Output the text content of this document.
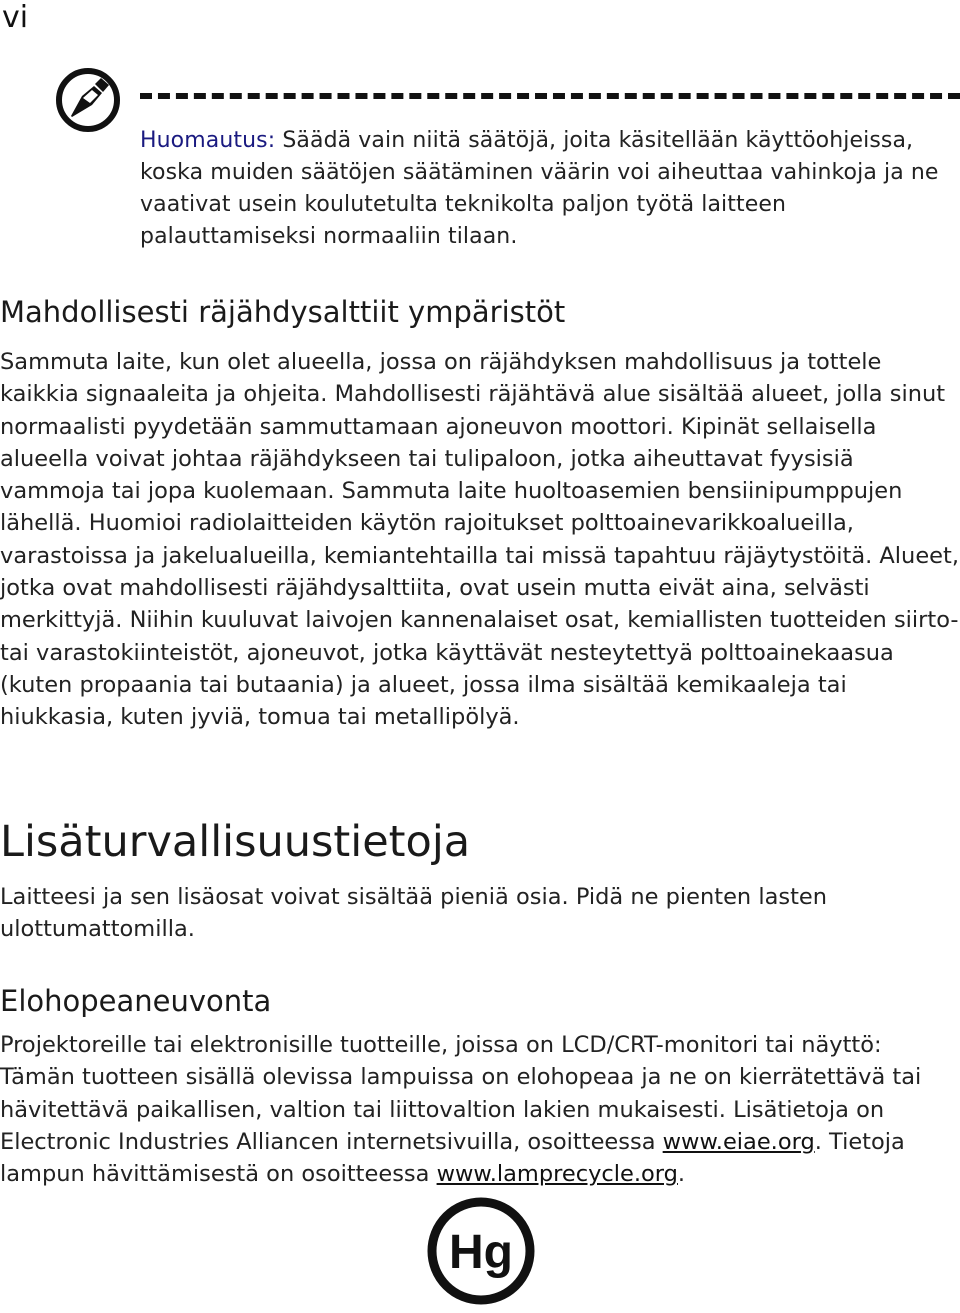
vi
Huomautus: Säädä vain niitä säätöjä, joita käsitellään käyttöohjeissa, koska muiden säätöjen säätäminen väärin voi aiheuttaa vahinkoja ja ne vaativat usein koulutetulta teknikolta paljon työtä laitteen palauttamiseksi normaaliin tilaan.
Mahdollisesti räjähdysalttiit ympäristöt
Sammuta laite, kun olet alueella, jossa on räjähdyksen mahdollisuus ja tottele kaikkia signaaleita ja ohjeita. Mahdollisesti räjähtävä alue sisältää alueet, jolla sinut normaalisti pyydetään sammuttamaan ajoneuvon moottori. Kipinät sellaisella alueella voivat johtaa räjähdykseen tai tulipaloon, jotka aiheuttavat fyysisiä vammoja tai jopa kuolemaan. Sammuta laite huoltoasemien bensiinipumppujen lähellä. Huomioi radiolaitteiden käytön rajoitukset polttoainevarikkoalueilla, varastoissa ja jakelualueilla, kemiantehtailla tai missä tapahtuu räjäytystöitä. Alueet, jotka ovat mahdollisesti räjähdysalttiita, ovat usein mutta eivät aina, selvästi merkittyjä. Niihin kuuluvat laivojen kannenalaiset osat, kemiallisten tuotteiden siirto- tai varastokiinteistöt, ajoneuvot, jotka käyttävät nesteytettyä polttoainekaasua (kuten propaania tai butaania) ja alueet, jossa ilma sisältää kemikaaleja tai hiukkasia, kuten jyviä, tomua tai metallipölyä.
Lisäturvallisuustietoja
Laitteesi ja sen lisäosat voivat sisältää pieniä osia. Pidä ne pienten lasten ulottumattomilla.
Elohopeaneuvonta
Projektoreille tai elektronisille tuotteille, joissa on LCD/CRT-monitori tai näyttö: Tämän tuotteen sisällä olevissa lampuissa on elohopeaa ja ne on kierrätettävä tai hävitettävä paikallisen, valtion tai liittovaltion lakien mukaisesti. Lisätietoja on Electronic Industries Alliancen internetsivuilla, osoitteessa www.eiae.org. Tietoja lampun hävittämisestä on osoitteessa www.lamprecycle.org.
Hg
